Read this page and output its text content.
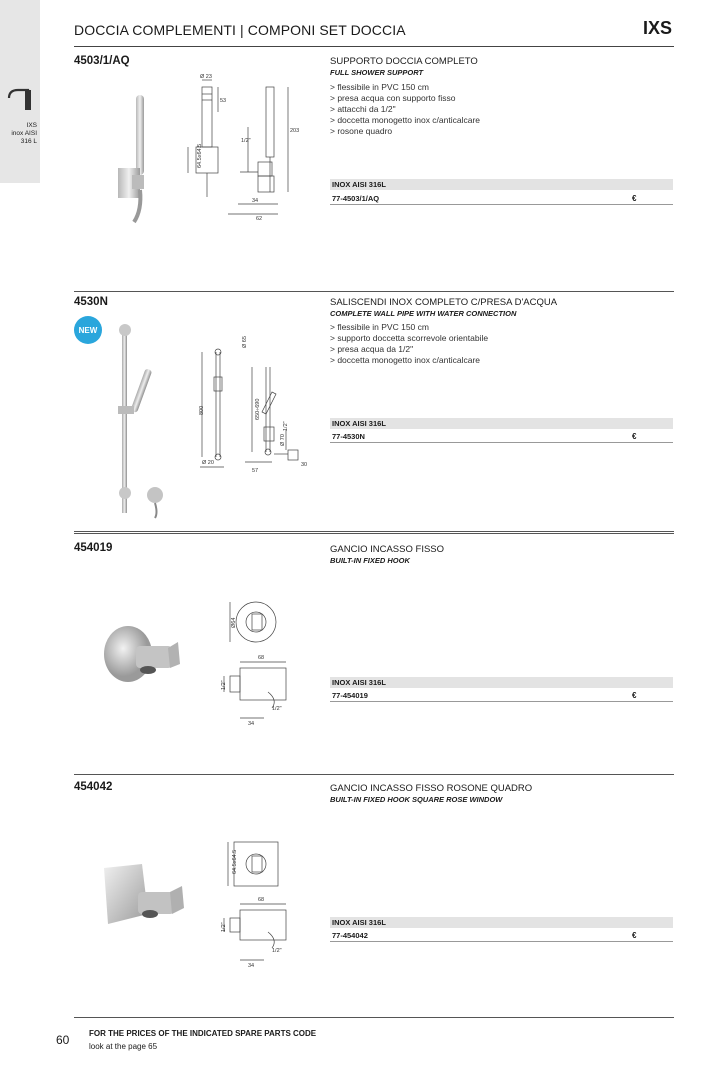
IXS
inox AISI
316 L
DOCCIA COMPLEMENTI | COMPONI SET DOCCIA	IXS
4503/1/AQ	SUPPORTO DOCCIA COMPLETO
FULL SHOWER SUPPORT
> flessibile in PVC 150 cm
> presa acqua con supporto fisso
> attacchi da 1/2"
> doccetta monogetto inox c/anticalcare
> rosone quadro
INOX AISI 316L
77-4503/1/AQ	€
Ø 23
53
203
64.5x64.5
1/2"
34
62
4530N
NEW
SALISCENDI INOX COMPLETO C/PRESA D'ACQUA
COMPLETE WALL PIPE WITH WATER CONNECTION
> flessibile in PVC 150 cm
> supporto doccetta scorrevole orientabile
> presa acqua da 1/2"
> doccetta monogetto inox c/anticalcare
INOX AISI 316L
77-4530N	€
Ø 65
800	650÷690
Ø 20
57
Ø 70
1/2"
30
454019	GANCIO INCASSO FISSO
BUILT-IN FIXED HOOK
INOX AISI 316L
77-454019	€
Ø64
68
1/2"
34
1/2"
454042	GANCIO INCASSO FISSO ROSONE QUADRO
BUILT-IN FIXED HOOK SQUARE ROSE WINDOW
INOX AISI 316L
77-454042	€
64.5x64.5
68
1/2"
34
1/2"
60 FOR THE PRICES OF THE INDICATED SPARE PARTS CODE
look at the page 65
